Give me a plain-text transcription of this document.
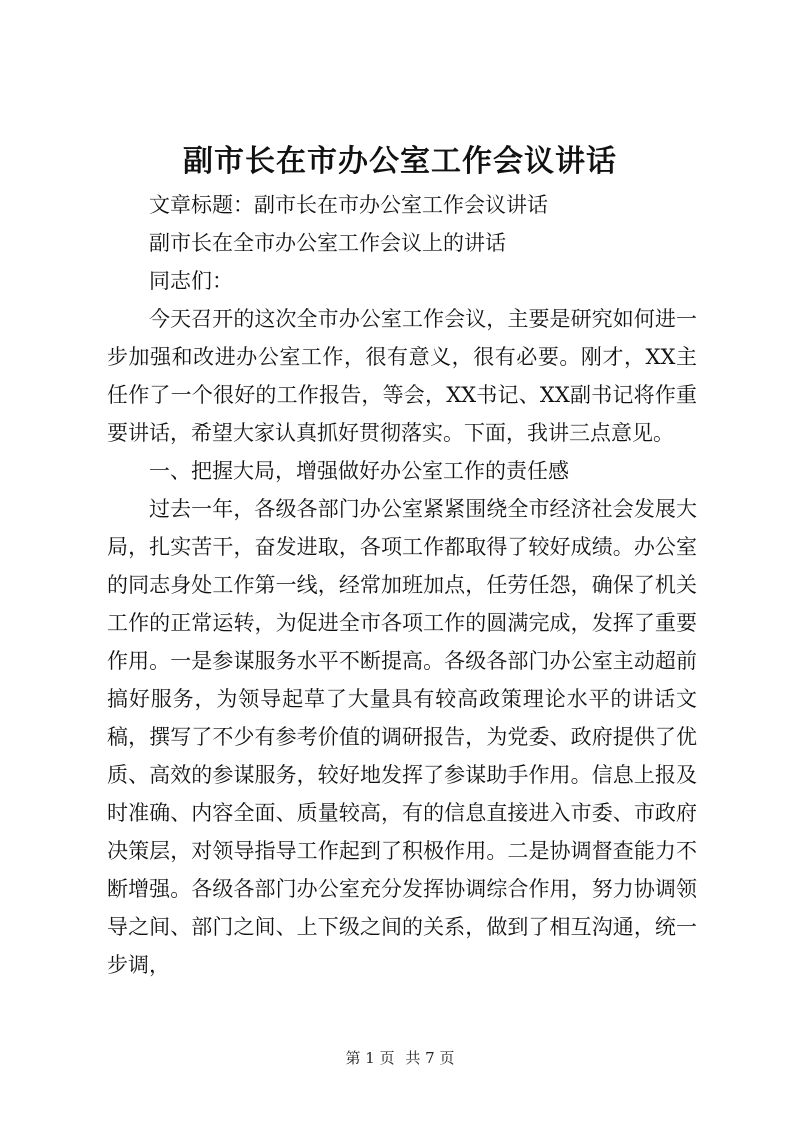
副市长在市办公室工作会议讲话

文章标题：副市长在市办公室工作会议讲话

副市长在全市办公室工作会议上的讲话

同志们：

今天召开的这次全市办公室工作会议，主要是研究如何进一步加强和改进办公室工作，很有意义，很有必要。刚才，XX主任作了一个很好的工作报告，等会，XX书记、XX副书记将作重要讲话，希望大家认真抓好贯彻落实。下面，我讲三点意见。

一、把握大局，增强做好办公室工作的责任感

过去一年，各级各部门办公室紧紧围绕全市经济社会发展大局，扎实苦干，奋发进取，各项工作都取得了较好成绩。办公室的同志身处工作第一线，经常加班加点，任劳任怨，确保了机关工作的正常运转，为促进全市各项工作的圆满完成，发挥了重要作用。一是参谋服务水平不断提高。各级各部门办公室主动超前搞好服务，为领导起草了大量具有较高政策理论水平的讲话文稿，撰写了不少有参考价值的调研报告，为党委、政府提供了优质、高效的参谋服务，较好地发挥了参谋助手作用。信息上报及时准确、内容全面、质量较高，有的信息直接进入市委、市政府决策层，对领导指导工作起到了积极作用。二是协调督查能力不断增强。各级各部门办公室充分发挥协调综合作用，努力协调领导之间、部门之间、上下级之间的关系，做到了相互沟通，统一步调，

第 1 页 共 7 页
